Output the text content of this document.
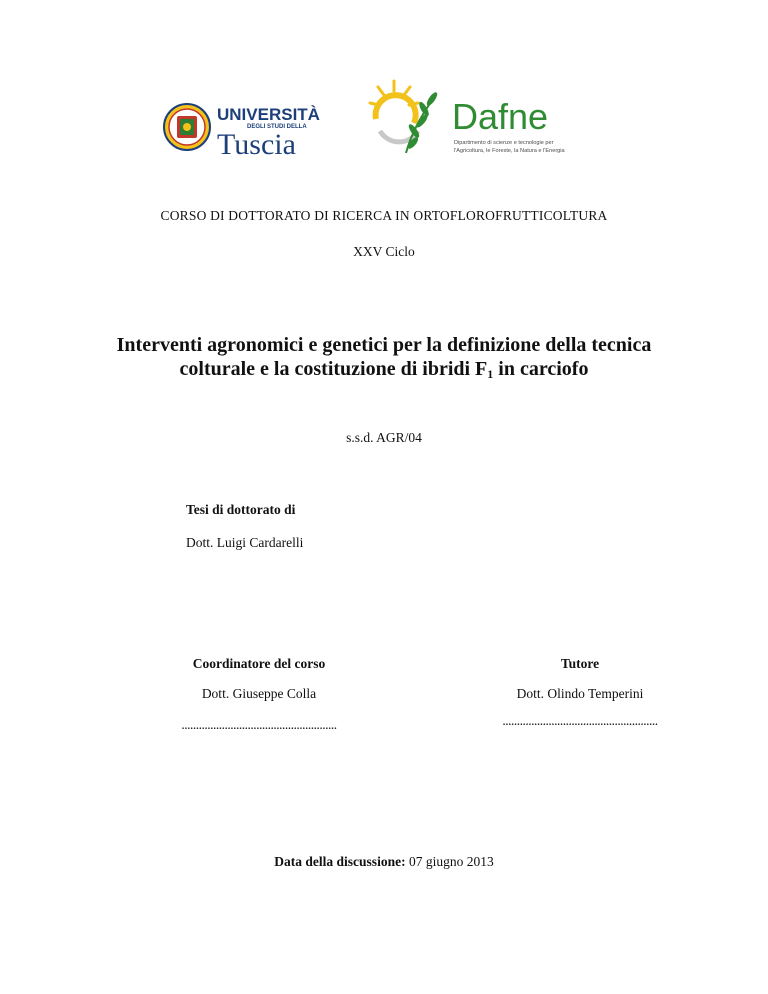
UNIVERSITÀ
DEGLI STUDI DELLA
Tuscia
Dafne
Dipartimento di scienze e tecnologie per
l'Agricoltura, le Foreste, la Natura e l'Energia
CORSO DI DOTTORATO DI RICERCA IN ORTOFLOROFRUTTICOLTURA
XXV Ciclo
Interventi agronomici e genetici per la definizione della tecnica
colturale e la costituzione di ibridi $F_1$ in carciofo
s.s.d. AGR/04
Tesi di dottorato di
Dott. Luigi Cardarelli
Coordinatore del corso
Dott. Giuseppe Colla
......................................................
Tutore
Dott. Olindo Temperini
......................................................
Data della discussione: 07 giugno 2013
